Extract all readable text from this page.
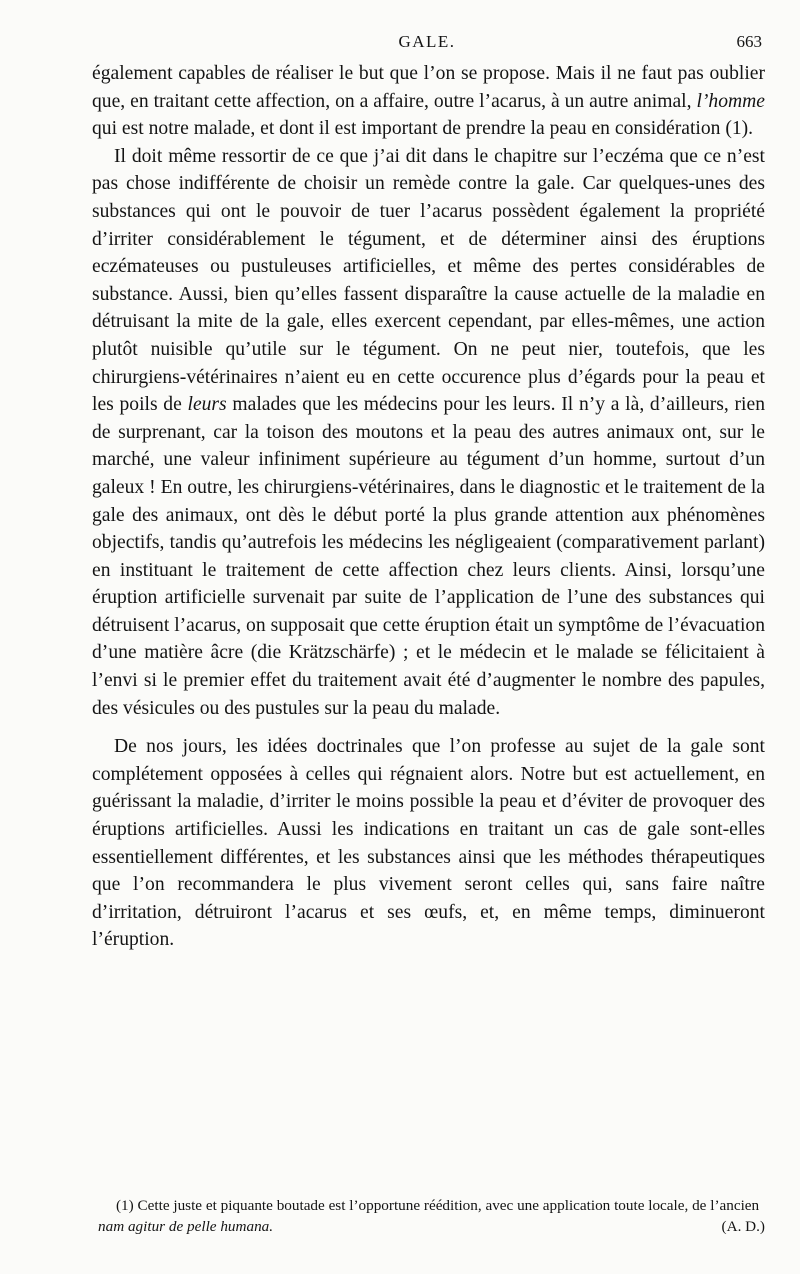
GALE.	663

également capables de réaliser le but que l’on se propose. Mais il ne faut pas oublier que, en traitant cette affection, on a affaire, outre l’acarus, à un autre animal, l’homme qui est notre malade, et dont il est important de prendre la peau en considération (1).

Il doit même ressortir de ce que j’ai dit dans le chapitre sur l’eczéma que ce n’est pas chose indifférente de choisir un remède contre la gale. Car quelques-unes des substances qui ont le pouvoir de tuer l’acarus possèdent également la propriété d’irriter considérablement le tégument, et de déterminer ainsi des éruptions eczémateuses ou pustuleuses artificielles, et même des pertes considérables de substance. Aussi, bien qu’elles fassent disparaître la cause actuelle de la maladie en détruisant la mite de la gale, elles exercent cependant, par elles-mêmes, une action plutôt nuisible qu’utile sur le tégument. On ne peut nier, toutefois, que les chirurgiens-vétérinaires n’aient eu en cette occurence plus d’égards pour la peau et les poils de leurs malades que les médecins pour les leurs. Il n’y a là, d’ailleurs, rien de surprenant, car la toison des moutons et la peau des autres animaux ont, sur le marché, une valeur infiniment supérieure au tégument d’un homme, surtout d’un galeux ! En outre, les chirurgiens-vétérinaires, dans le diagnostic et le traitement de la gale des animaux, ont dès le début porté la plus grande attention aux phénomènes objectifs, tandis qu’autrefois les médecins les négligeaient (comparativement parlant) en instituant le traitement de cette affection chez leurs clients. Ainsi, lorsqu’une éruption artificielle survenait par suite de l’application de l’une des substances qui détruisent l’acarus, on supposait que cette éruption était un symptôme de l’évacuation d’une matière âcre (die Krätzschärfe) ; et le médecin et le malade se félicitaient à l’envi si le premier effet du traitement avait été d’augmenter le nombre des papules, des vésicules ou des pustules sur la peau du malade.

De nos jours, les idées doctrinales que l’on professe au sujet de la gale sont complétement opposées à celles qui régnaient alors. Notre but est actuellement, en guérissant la maladie, d’irriter le moins possible la peau et d’éviter de provoquer des éruptions artificielles. Aussi les indications en traitant un cas de gale sont-elles essentiellement différentes, et les substances ainsi que les méthodes thérapeutiques que l’on recommandera le plus vivement seront celles qui, sans faire naître d’irritation, détruiront l’acarus et ses œufs, et, en même temps, diminueront l’éruption.

(1) Cette juste et piquante boutade est l’opportune réédition, avec une application toute locale, de l’ancien

nam agitur de pelle humana.	(A. D.)
